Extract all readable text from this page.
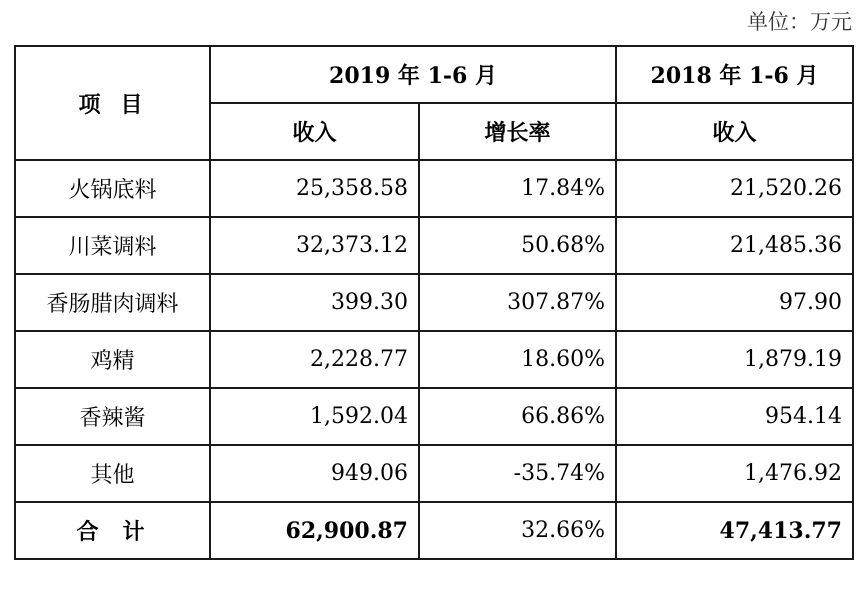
单位：万元
项目	2019 年 1-6 月		2018 年 1-6 月
	收入	增长率	收入
火锅底料	25,358.58	17.84%	21,520.26
川菜调料	32,373.12	50.68%	21,485.36
香肠腊肉调料	399.30	307.87%	97.90
鸡精	2,228.77	18.60%	1,879.19
香辣酱	1,592.04	66.86%	954.14
其他	949.06	-35.74%	1,476.92
合计	62,900.87	32.66%	47,413.77
